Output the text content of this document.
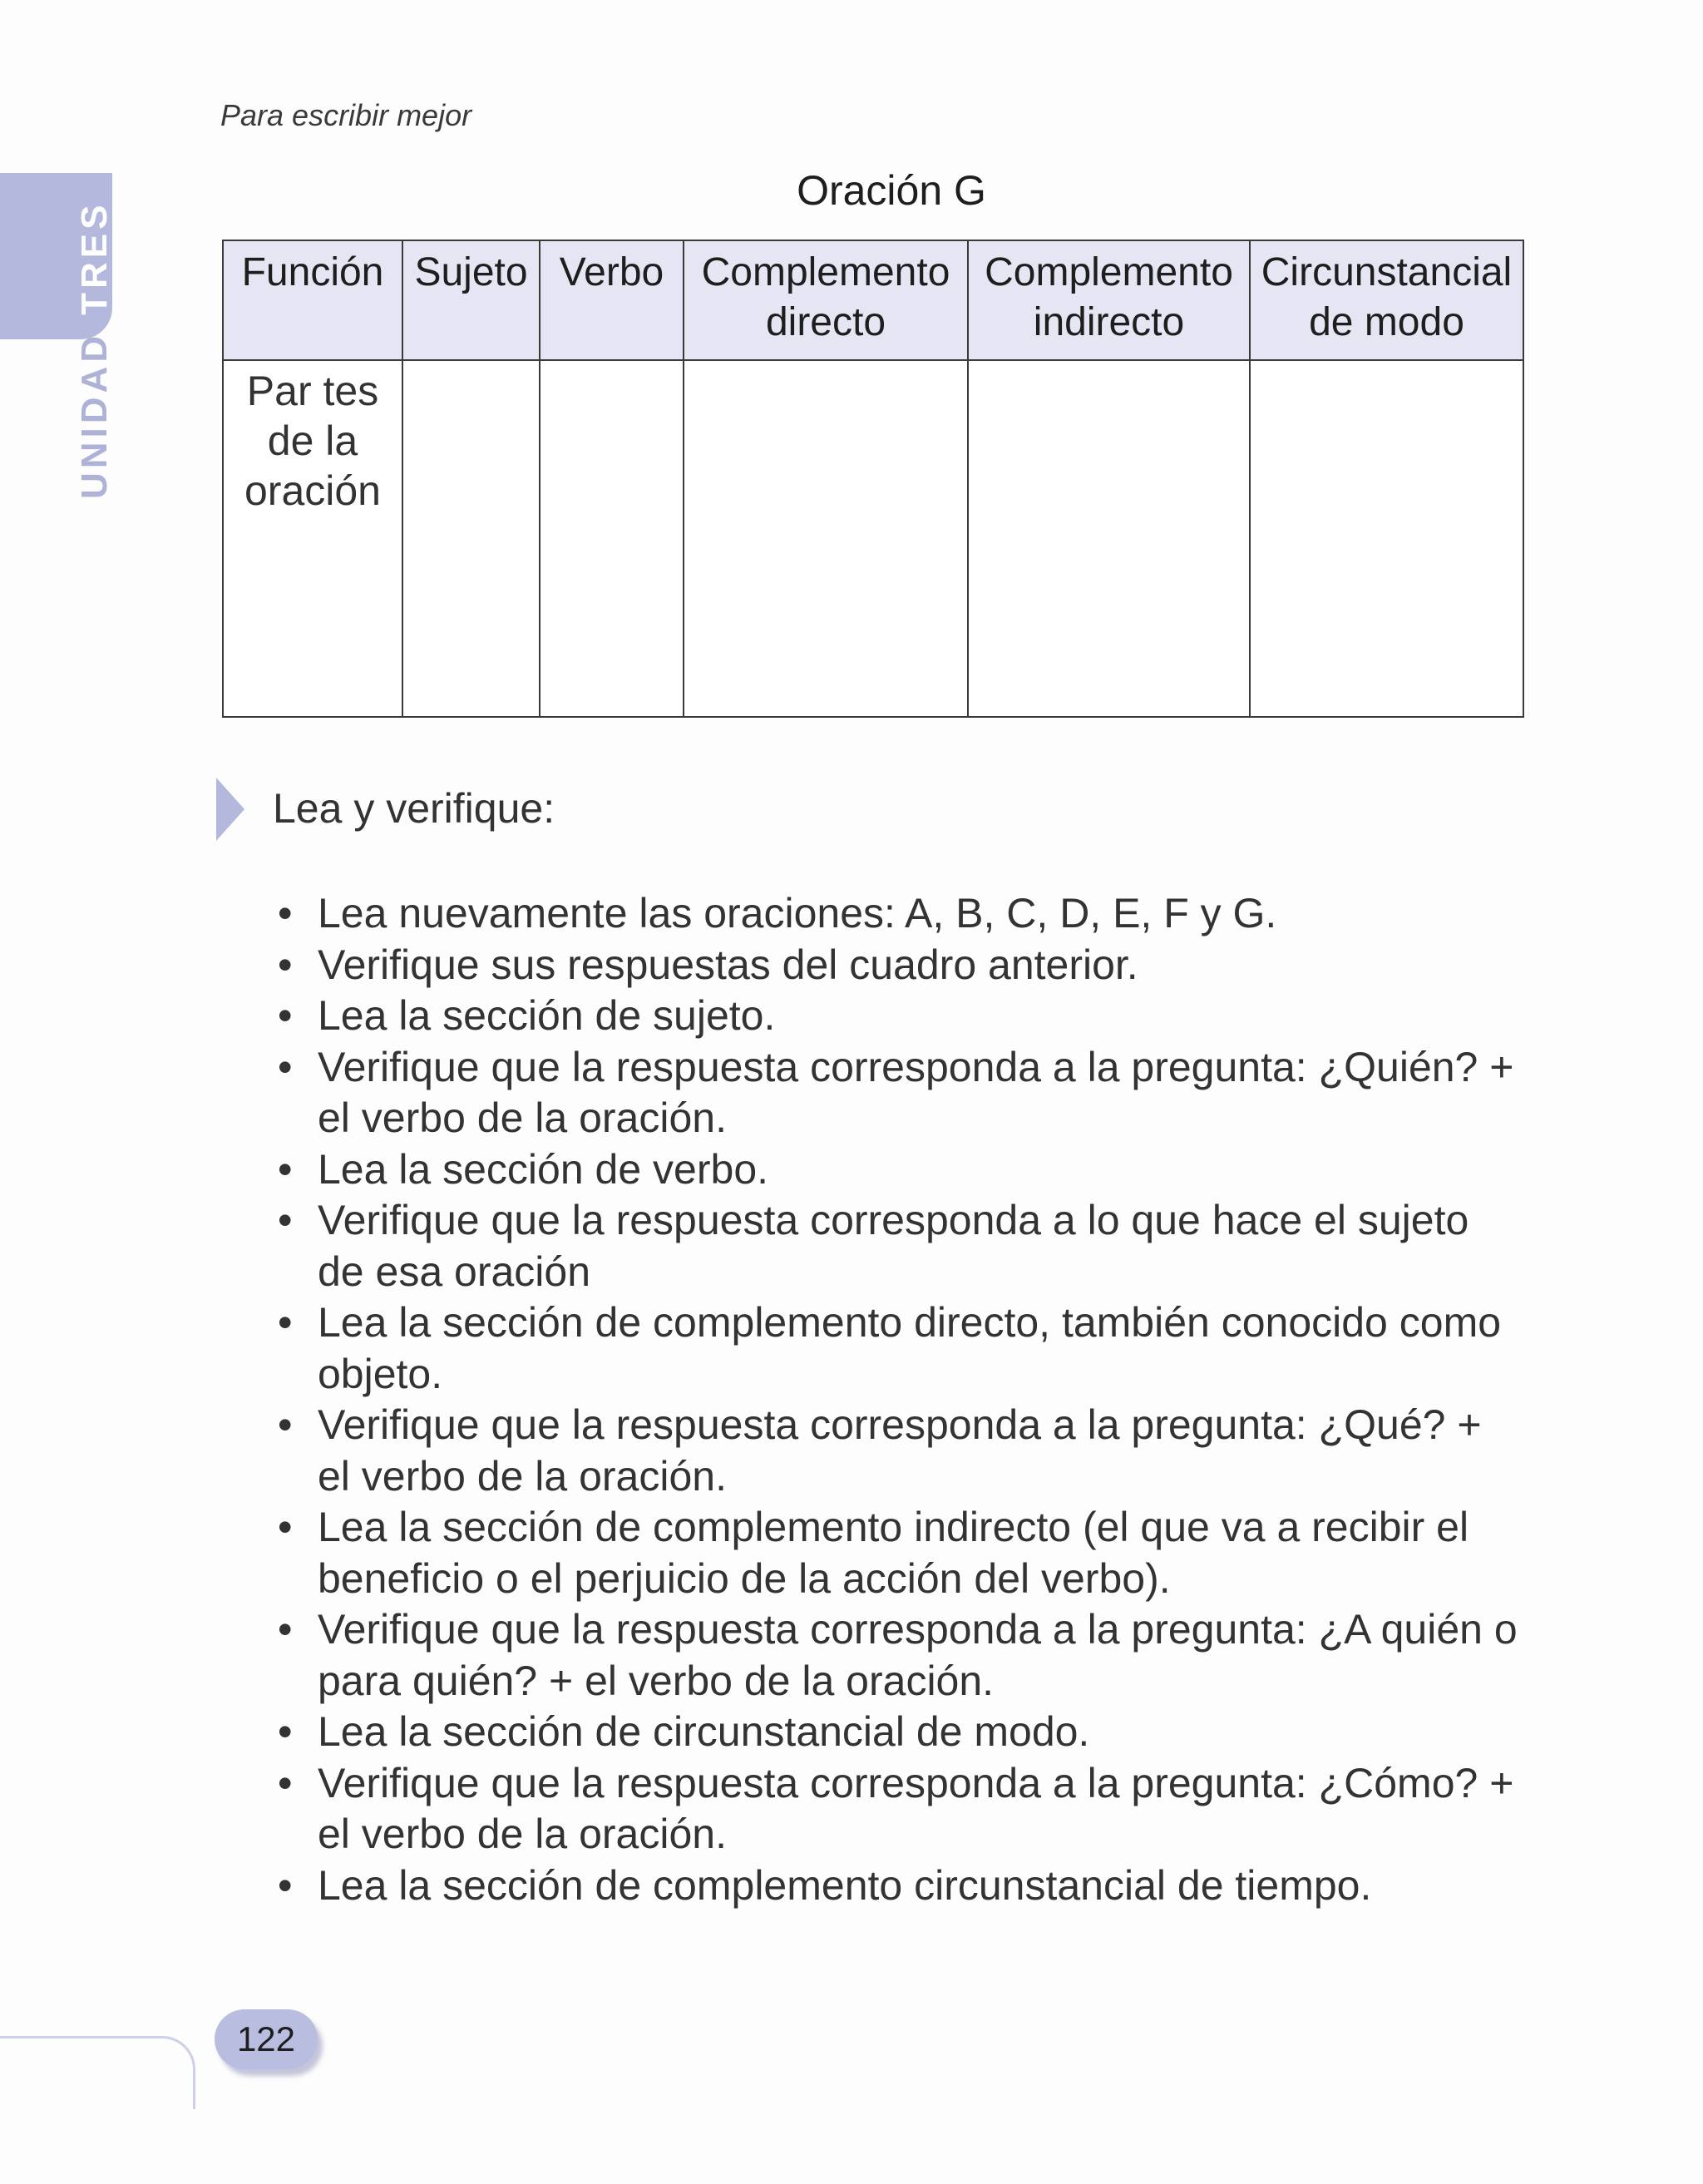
Para escribir mejor
UNIDADTRES
Oración G
Función	Sujeto	Verbo	Complemento directo	Complemento indirecto	Circunstancial de modo
Par tes de la oración					
Lea y verifique:
• Lea nuevamente las oraciones: A, B, C, D, E, F y G.
• Verifique sus respuestas del cuadro anterior.
• Lea la sección de sujeto.
• Verifique que la respuesta corresponda a la pregunta: ¿Quién? + el verbo de la oración.
• Lea la sección de verbo.
• Verifique que la respuesta corresponda a lo que hace el sujeto de esa oración
• Lea la sección de complemento directo, también conocido como objeto.
• Verifique que la respuesta corresponda a la pregunta: ¿Qué? + el verbo de la oración.
• Lea la sección de complemento indirecto (el que va a recibir el beneficio o el perjuicio de la acción del verbo).
• Verifique que la respuesta corresponda a la pregunta: ¿A quién o para quién? + el verbo de la oración.
• Lea la sección de circunstancial de modo.
• Verifique que la respuesta corresponda a la pregunta: ¿Cómo? + el verbo de la oración.
• Lea la sección de complemento circunstancial de tiempo.
122
